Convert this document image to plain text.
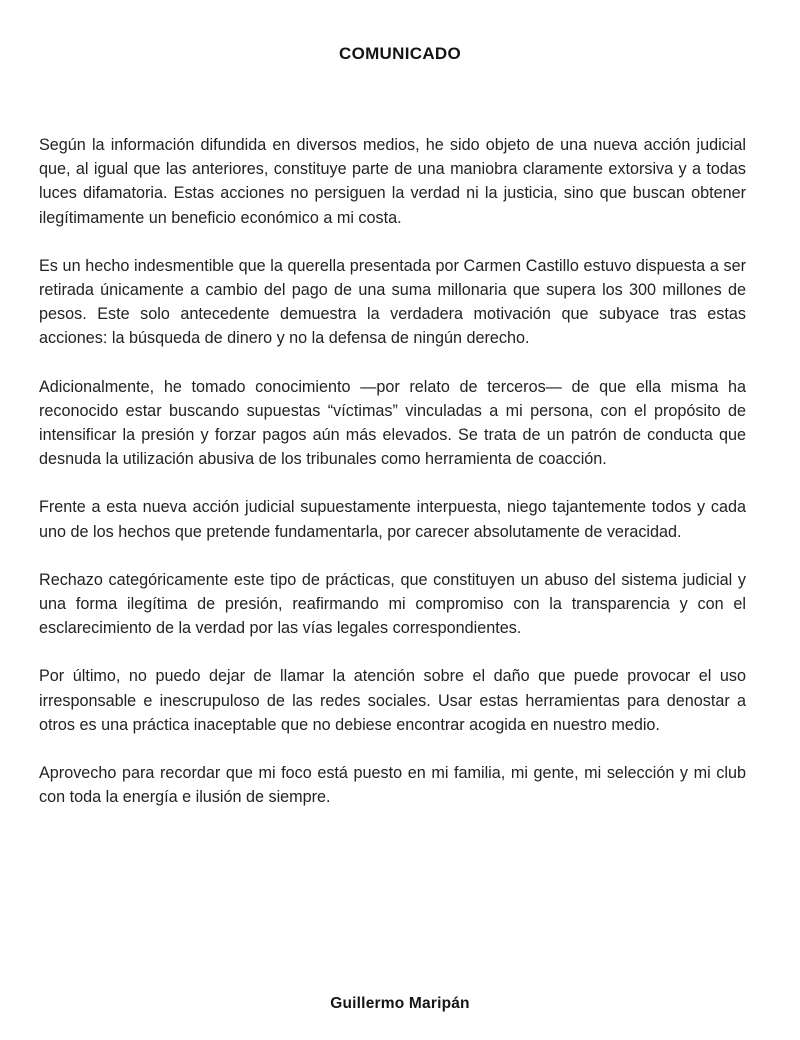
COMUNICADO

Según la información difundida en diversos medios, he sido objeto de una nueva acción judicial que, al igual que las anteriores, constituye parte de una maniobra claramente extorsiva y a todas luces difamatoria. Estas acciones no persiguen la verdad ni la justicia, sino que buscan obtener ilegítimamente un beneficio económico a mi costa.

Es un hecho indesmentible que la querella presentada por Carmen Castillo estuvo dispuesta a ser retirada únicamente a cambio del pago de una suma millonaria que supera los 300 millones de pesos. Este solo antecedente demuestra la verdadera motivación que subyace tras estas acciones: la búsqueda de dinero y no la defensa de ningún derecho.

Adicionalmente, he tomado conocimiento —por relato de terceros— de que ella misma ha reconocido estar buscando supuestas “víctimas” vinculadas a mi persona, con el propósito de intensificar la presión y forzar pagos aún más elevados. Se trata de un patrón de conducta que desnuda la utilización abusiva de los tribunales como herramienta de coacción.

Frente a esta nueva acción judicial supuestamente interpuesta, niego tajantemente todos y cada uno de los hechos que pretende fundamentarla, por carecer absolutamente de veracidad.

Rechazo categóricamente este tipo de prácticas, que constituyen un abuso del sistema judicial y una forma ilegítima de presión, reafirmando mi compromiso con la transparencia y con el esclarecimiento de la verdad por las vías legales correspondientes.

Por último, no puedo dejar de llamar la atención sobre el daño que puede provocar el uso irresponsable e inescrupuloso de las redes sociales. Usar estas herramientas para denostar a otros es una práctica inaceptable que no debiese encontrar acogida en nuestro medio.

Aprovecho para recordar que mi foco está puesto en mi familia, mi gente, mi selección y mi club con toda la energía e ilusión de siempre.

Guillermo Maripán
